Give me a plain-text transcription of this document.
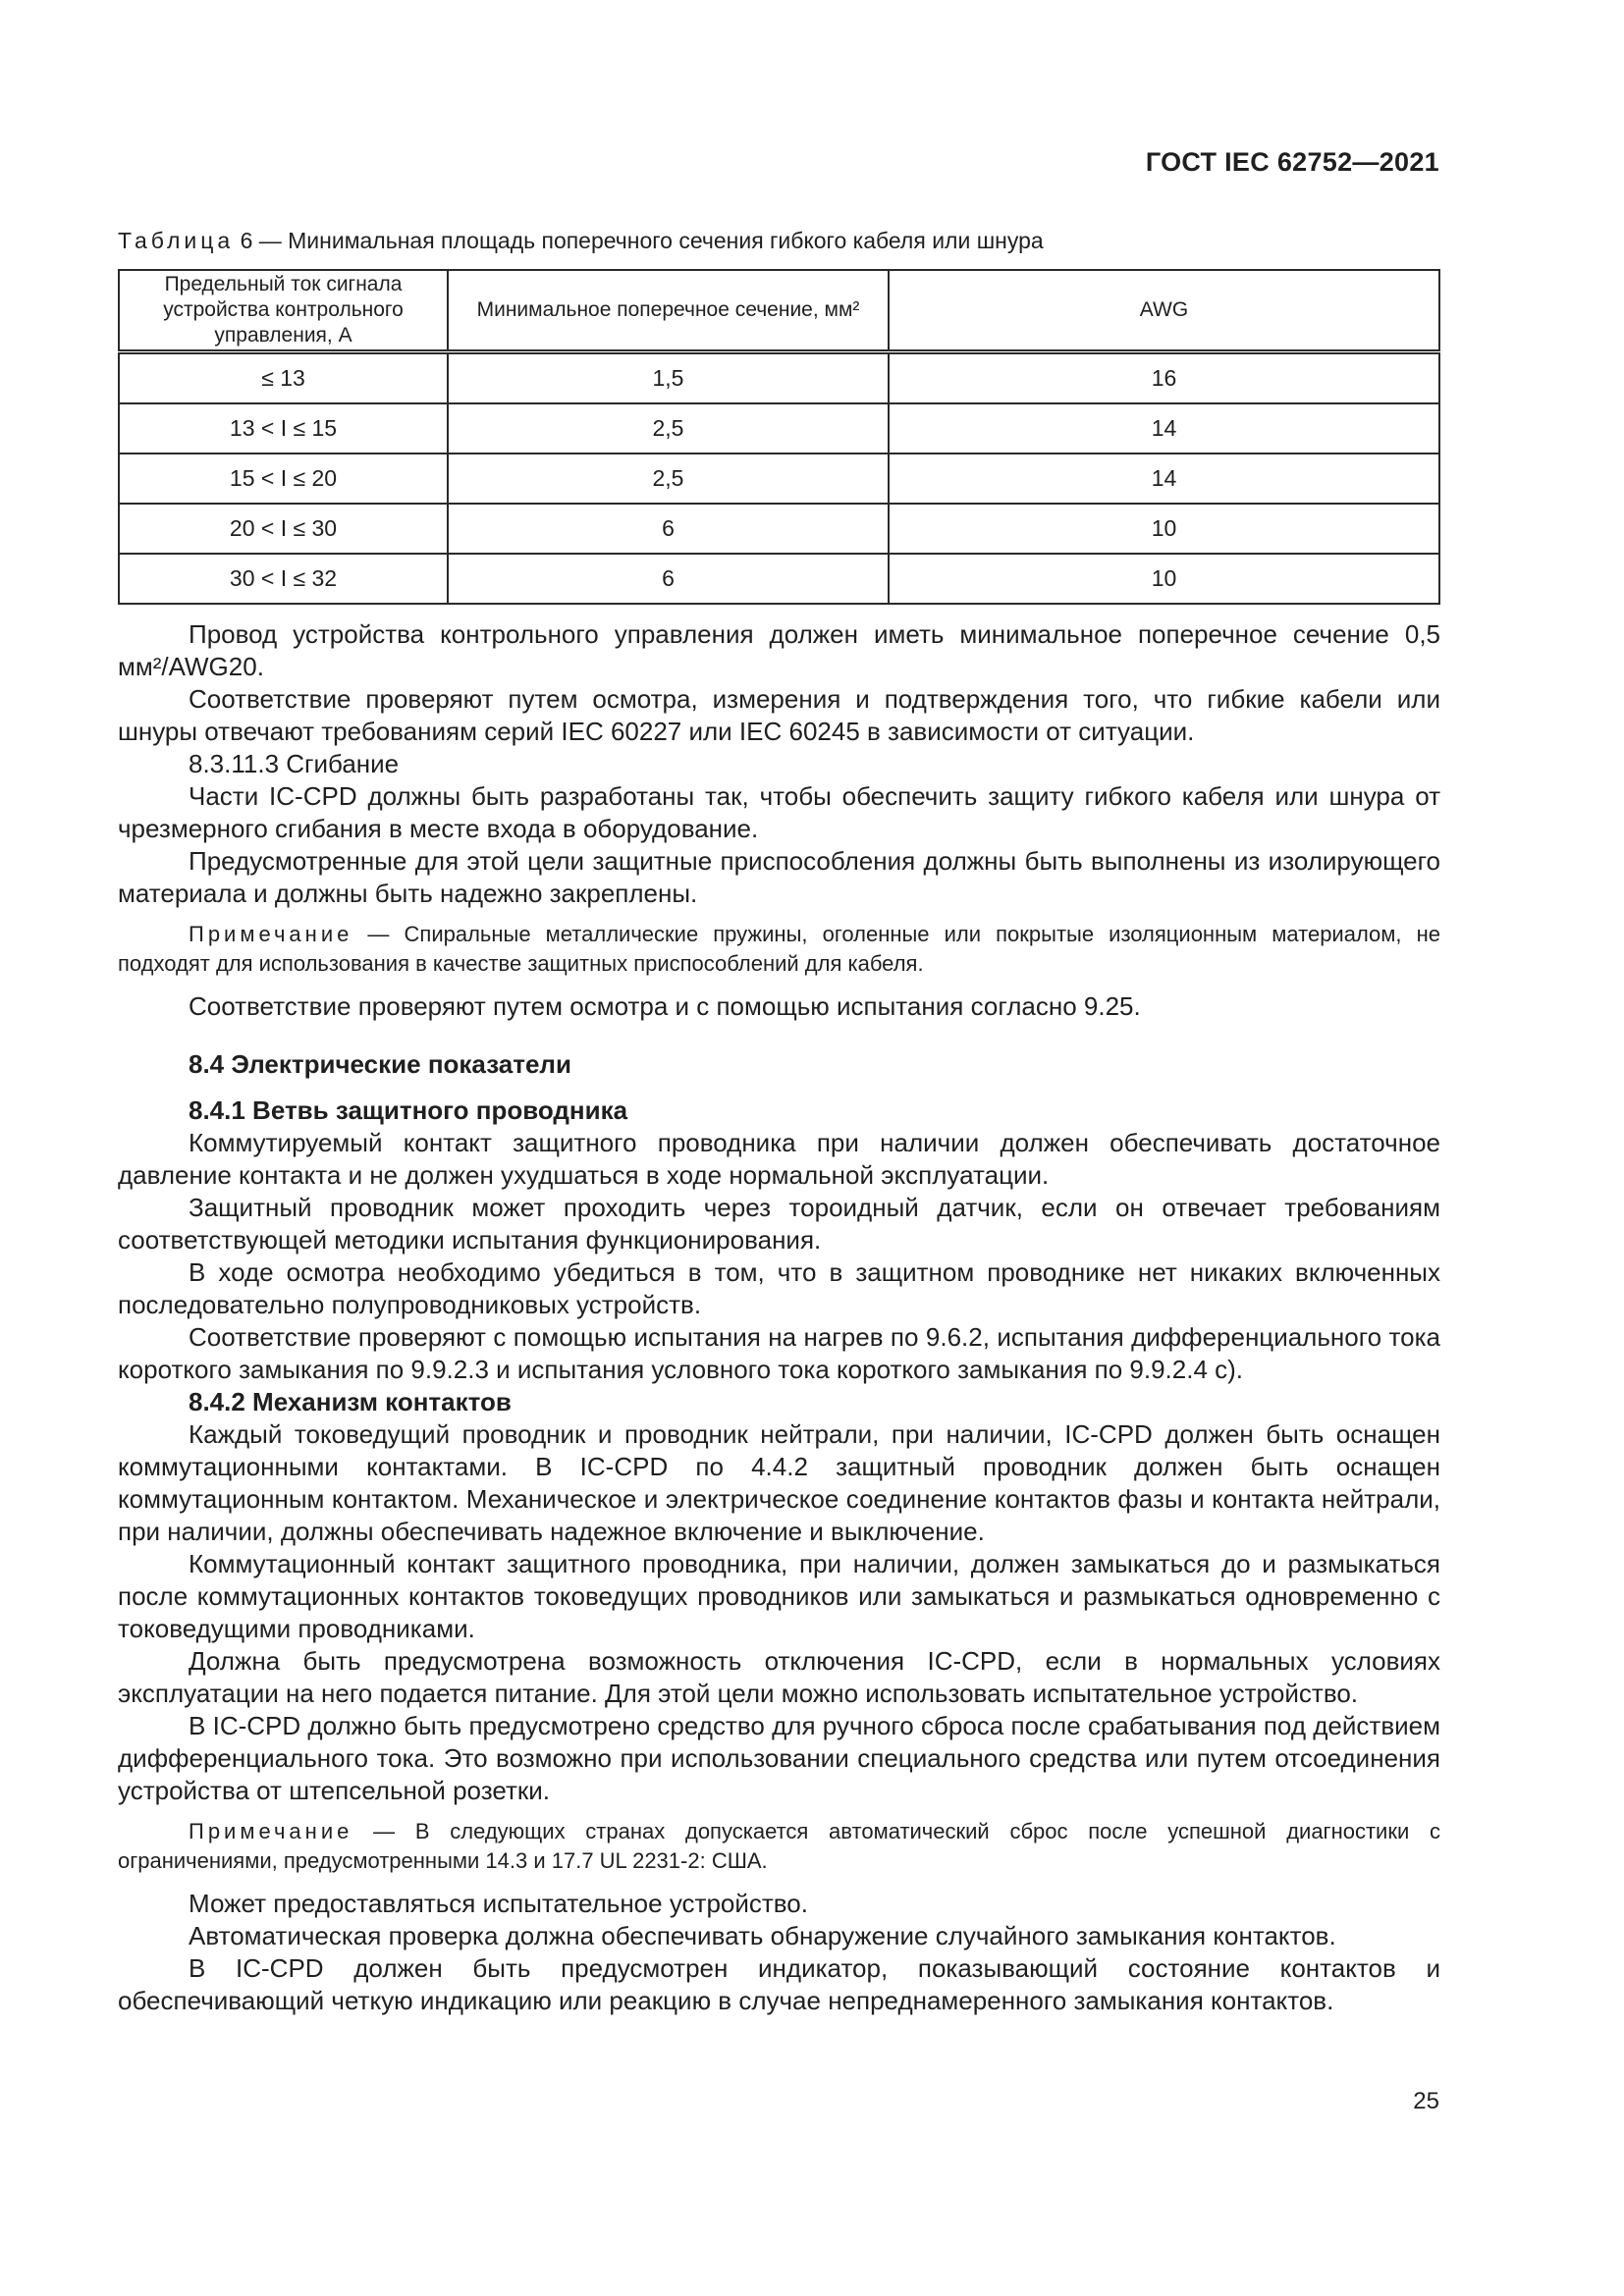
ГОСТ IEC 62752—2021
Таблица 6 — Минимальная площадь поперечного сечения гибкого кабеля или шнура
Предельный ток сигнала устройства контрольного управления, А	Минимальное поперечное сечение, мм²	AWG
≤ 13	1,5	16
13 < I ≤ 15	2,5	14
15 < I ≤ 20	2,5	14
20 < I ≤ 30	6	10
30 < I ≤ 32	6	10

Провод устройства контрольного управления должен иметь минимальное поперечное сечение 0,5 мм²/AWG20.

Соответствие проверяют путем осмотра, измерения и подтверждения того, что гибкие кабели или шнуры отвечают требованиям серий IEC 60227 или IEC 60245 в зависимости от ситуации.

8.3.11.3 Сгибание

Части IC-CPD должны быть разработаны так, чтобы обеспечить защиту гибкого кабеля или шнура от чрезмерного сгибания в месте входа в оборудование.

Предусмотренные для этой цели защитные приспособления должны быть выполнены из изолирующего материала и должны быть надежно закреплены.

Примечание — Спиральные металлические пружины, оголенные или покрытые изоляционным материалом, не подходят для использования в качестве защитных приспособлений для кабеля.

Соответствие проверяют путем осмотра и с помощью испытания согласно 9.25.

8.4 Электрические показатели
8.4.1 Ветвь защитного проводника

Коммутируемый контакт защитного проводника при наличии должен обеспечивать достаточное давление контакта и не должен ухудшаться в ходе нормальной эксплуатации.

Защитный проводник может проходить через тороидный датчик, если он отвечает требованиям соответствующей методики испытания функционирования.

В ходе осмотра необходимо убедиться в том, что в защитном проводнике нет никаких включенных последовательно полупроводниковых устройств.

Соответствие проверяют с помощью испытания на нагрев по 9.6.2, испытания дифференциального тока короткого замыкания по 9.9.2.3 и испытания условного тока короткого замыкания по 9.9.2.4 с).

8.4.2 Механизм контактов

Каждый токоведущий проводник и проводник нейтрали, при наличии, IC-CPD должен быть оснащен коммутационными контактами. В IC-CPD по 4.4.2 защитный проводник должен быть оснащен коммутационным контактом. Механическое и электрическое соединение контактов фазы и контакта нейтрали, при наличии, должны обеспечивать надежное включение и выключение.

Коммутационный контакт защитного проводника, при наличии, должен замыкаться до и размыкаться после коммутационных контактов токоведущих проводников или замыкаться и размыкаться одновременно с токоведущими проводниками.

Должна быть предусмотрена возможность отключения IC-CPD, если в нормальных условиях эксплуатации на него подается питание. Для этой цели можно использовать испытательное устройство.

В IC-CPD должно быть предусмотрено средство для ручного сброса после срабатывания под действием дифференциального тока. Это возможно при использовании специального средства или путем отсоединения устройства от штепсельной розетки.

Примечание — В следующих странах допускается автоматический сброс после успешной диагностики с ограничениями, предусмотренными 14.3 и 17.7 UL 2231-2: США.

Может предоставляться испытательное устройство.

Автоматическая проверка должна обеспечивать обнаружение случайного замыкания контактов.

В IC-CPD должен быть предусмотрен индикатор, показывающий состояние контактов и обеспечивающий четкую индикацию или реакцию в случае непреднамеренного замыкания контактов.

25
